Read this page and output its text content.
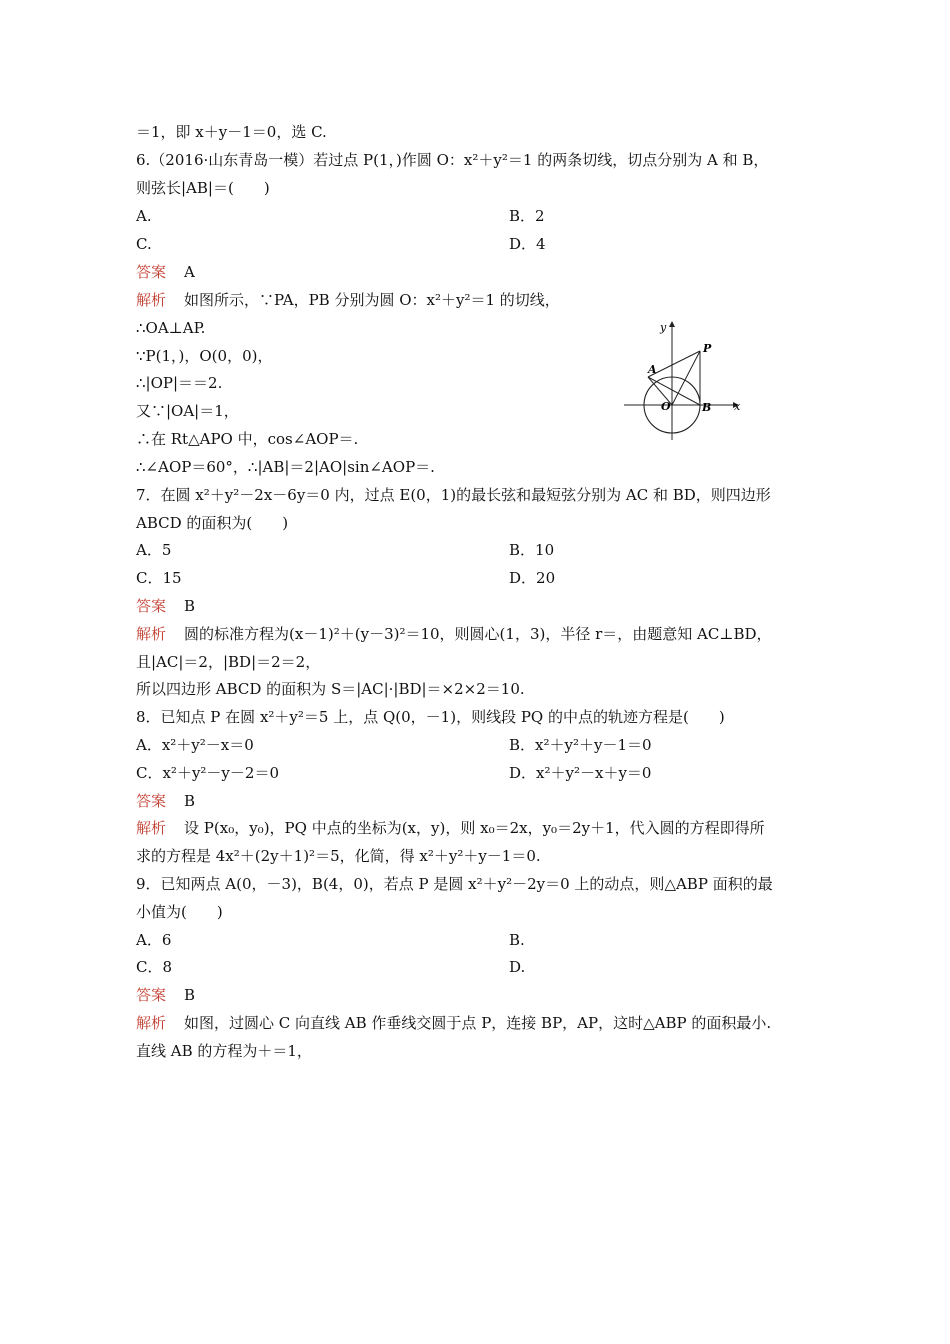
＝1，即 x＋y－1＝0，选 C.
6.（2016·山东青岛一模）若过点 P(1，)作圆 O：x²＋y²＝1 的两条切线，切点分别为 A 和 B，
则弦长|AB|＝(　　)
A.	B．2
C.	D．4
答案 A
解析 如图所示，∵PA，PB 分别为圆 O：x²＋y²＝1 的切线，
∴OA⊥AP.
∵P(1，)，O(0，0)，
∴|OP|＝＝2.
又∵|OA|＝1，
∴在 Rt△APO 中，cos∠AOP＝.
∴∠AOP＝60°，∴|AB|＝2|AO|sin∠AOP＝.
y
x
P
A
O	B
7．在圆 x²＋y²－2x－6y＝0 内，过点 E(0，1)的最长弦和最短弦分别为 AC 和 BD，则四边形
ABCD 的面积为(　　)
A．5	B．10
C．15	D．20
答案 B
解析 圆的标准方程为(x－1)²＋(y－3)²＝10，则圆心(1，3)，半径 r＝，由题意知 AC⊥BD，
且|AC|＝2，|BD|＝2＝2，
所以四边形 ABCD 的面积为 S＝|AC|·|BD|＝×2×2＝10.
8．已知点 P 在圆 x²＋y²＝5 上，点 Q(0，－1)，则线段 PQ 的中点的轨迹方程是(　　)
A．x²＋y²－x＝0	B．x²＋y²＋y－1＝0
C．x²＋y²－y－2＝0	D．x²＋y²－x＋y＝0
答案 B
解析 设 P(x₀，y₀)，PQ 中点的坐标为(x，y)，则 x₀＝2x，y₀＝2y＋1，代入圆的方程即得所
求的方程是 4x²＋(2y＋1)²＝5，化简，得 x²＋y²＋y－1＝0.
9．已知两点 A(0，－3)，B(4，0)，若点 P 是圆 x²＋y²－2y＝0 上的动点，则△ABP 面积的最
小值为(　　)
A．6	B.
C．8	D.
答案 B
解析 如图，过圆心 C 向直线 AB 作垂线交圆于点 P，连接 BP，AP，这时△ABP 的面积最小.
直线 AB 的方程为＋＝1，
